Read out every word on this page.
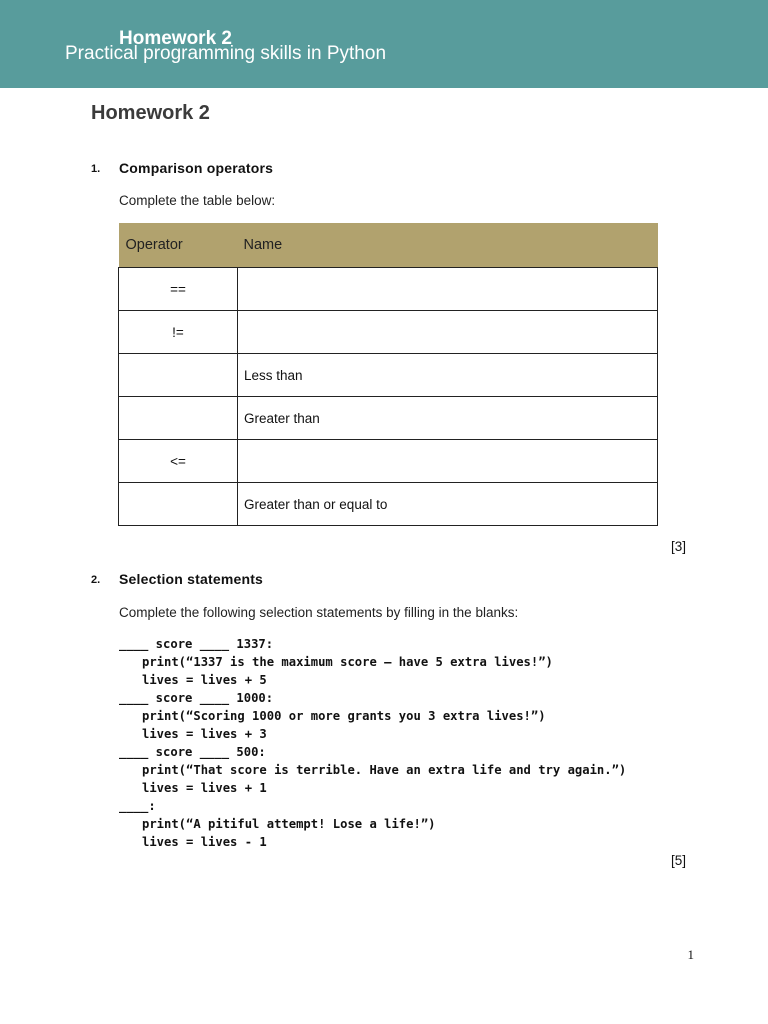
Homework 2
Practical programming skills in Python
Homework 2
1. Comparison operators
Complete the table below:
Operator	Name
==	
!=	
	Less than
	Greater than
<=	
	Greater than or equal to
[3]
2. Selection statements
Complete the following selection statements by filling in the blanks:
____ score ____ 1337:
print(“1337 is the maximum score – have 5 extra lives!”)
lives = lives + 5
____ score ____ 1000:
print(“Scoring 1000 or more grants you 3 extra lives!”)
lives = lives + 3
____ score ____ 500:
print(“That score is terrible. Have an extra life and try again.”)
lives = lives + 1
____:
print(“A pitiful attempt! Lose a life!”)
lives = lives - 1
[5]
1
